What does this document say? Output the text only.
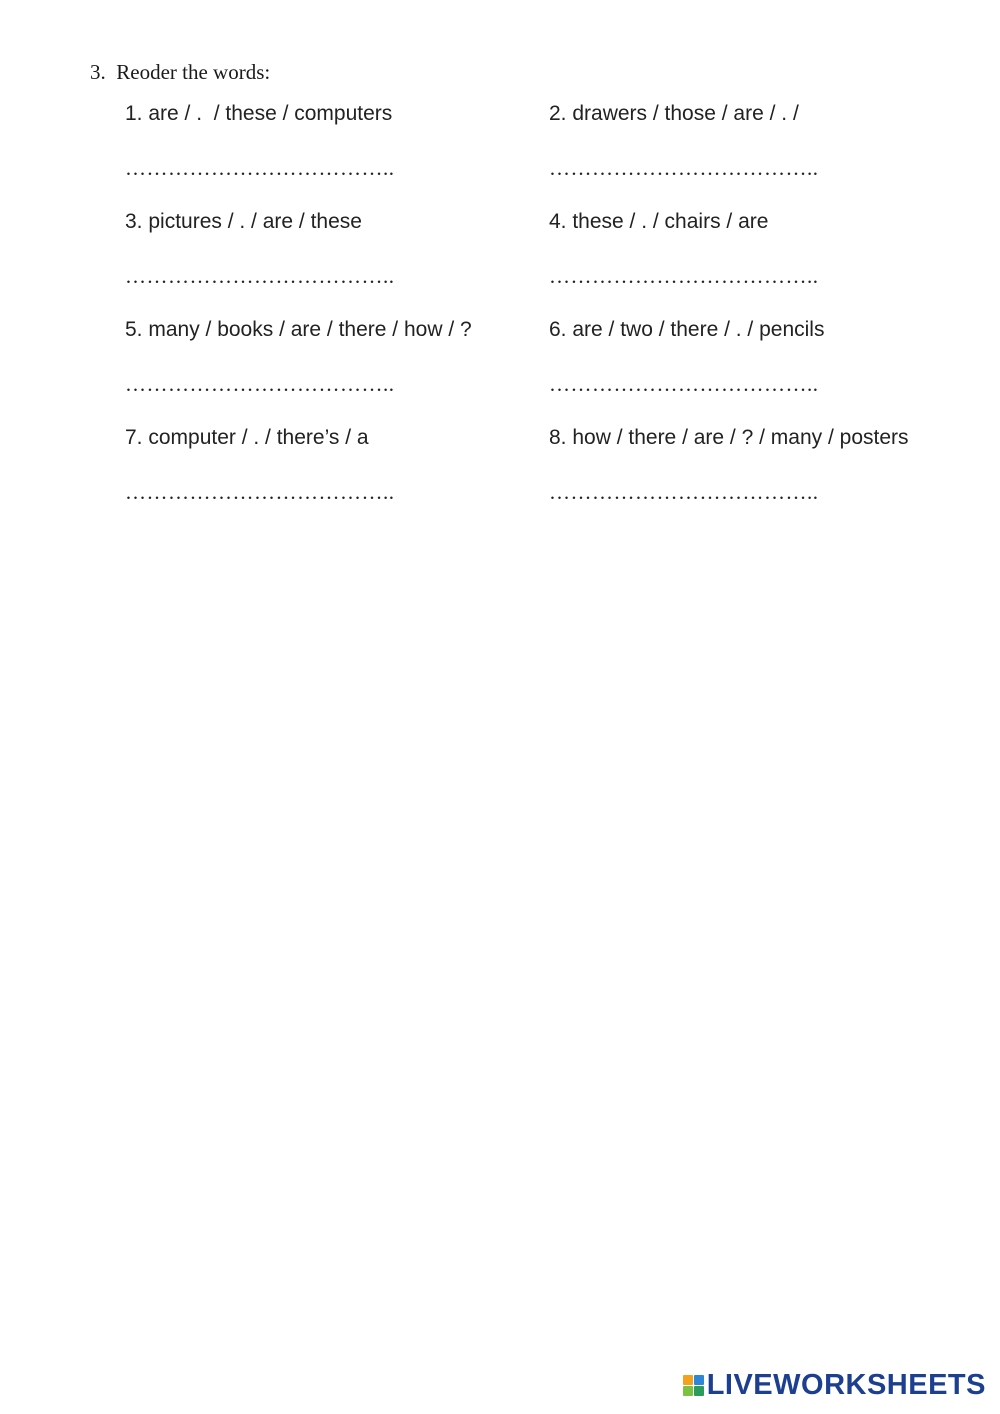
3.  Reoder the words:
1. are / .  / these / computers
………………………………..
2. drawers / those / are / . /
………………………………..
3. pictures / . / are / these
………………………………..
4. these / . / chairs / are
………………………………..
5. many / books / are / there / how / ?
………………………………..
6. are / two / there / . / pencils
………………………………..
7. computer / . / there’s / a
………………………………..
8. how / there / are / ? / many / posters
………………………………..
LIVEWORKSHEETS
